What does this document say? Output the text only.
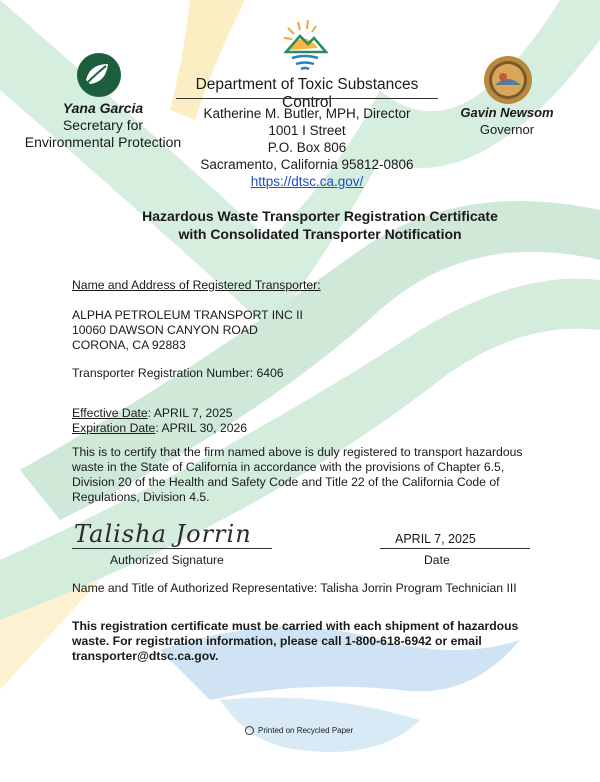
Department of Toxic Substances Control
Yana Garcia
Secretary for
Environmental Protection
Katherine M. Butler, MPH, Director
1001 I Street
P.O. Box 806
Sacramento, California 95812-0806
https://dtsc.ca.gov/
Gavin Newsom
Governor
Hazardous Waste Transporter Registration Certificate
with Consolidated Transporter Notification
Name and Address of Registered Transporter:
ALPHA PETROLEUM TRANSPORT INC II
10060 DAWSON CANYON ROAD
CORONA, CA 92883
Transporter Registration Number: 6406
Effective Date: APRIL 7, 2025
Expiration Date: APRIL 30, 2026
This is to certify that the firm named above is duly registered to transport hazardous waste in the State of California in accordance with the provisions of Chapter 6.5, Division 20 of the Health and Safety Code and Title 22 of the California Code of Regulations, Division 4.5.
Talisha Jorrin	APRIL 7, 2025
Authorized Signature	Date
Name and Title of Authorized Representative: Talisha Jorrin Program Technician III
This registration certificate must be carried with each shipment of hazardous waste. For registration information, please call 1-800-618-6942 or email transporter@dtsc.ca.gov.
Printed on Recycled Paper
